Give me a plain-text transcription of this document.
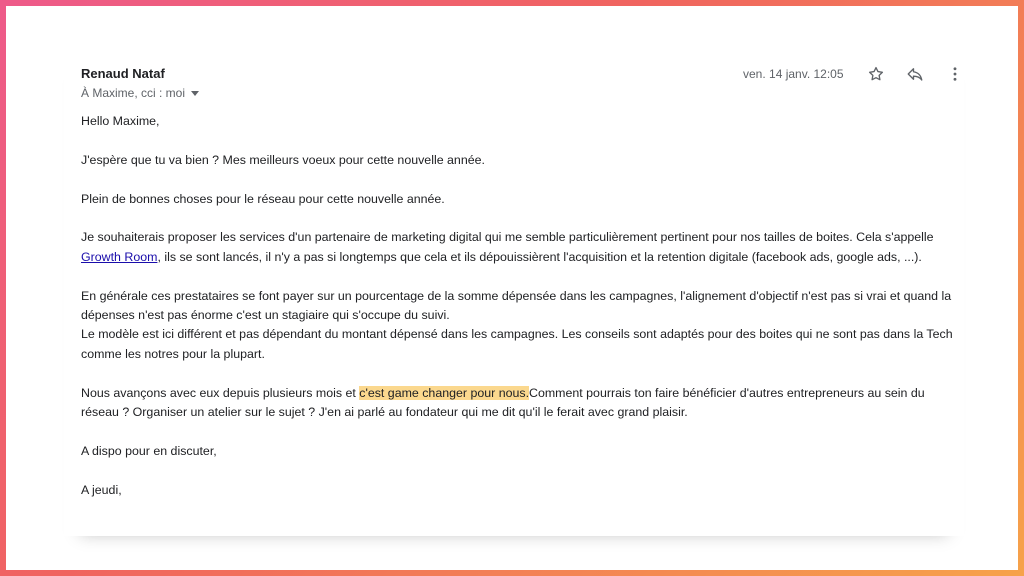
Renaud Nataf
À Maxime, cci : moi
ven. 14 janv. 12:05

Hello Maxime,

J'espère que tu va bien ? Mes meilleurs voeux pour cette nouvelle année.

Plein de bonnes choses pour le réseau pour cette nouvelle année.

Je souhaiterais proposer les services d'un partenaire de marketing digital qui me semble particulièrement pertinent pour nos tailles de boites. Cela s'appelle Growth Room, ils se sont lancés, il n'y a pas si longtemps que cela et ils dépouissièrent l'acquisition et la retention digitale (facebook ads, google ads, ...).

En générale ces prestataires se font payer sur un pourcentage de la somme dépensée dans les campagnes, l'alignement d'objectif n'est pas si vrai et quand la dépenses n'est pas énorme c'est un stagiaire qui s'occupe du suivi.
Le modèle est ici différent et pas dépendant du montant dépensé dans les campagnes. Les conseils sont adaptés pour des boites qui ne sont pas dans la Tech comme les notres pour la plupart.

Nous avançons avec eux depuis plusieurs mois et c'est game changer pour nous.Comment pourrais ton faire bénéficier d'autres entrepreneurs au sein du réseau ? Organiser un atelier sur le sujet ? J'en ai parlé au fondateur qui me dit qu'il le ferait avec grand plaisir.

A dispo pour en discuter,

A jeudi,
